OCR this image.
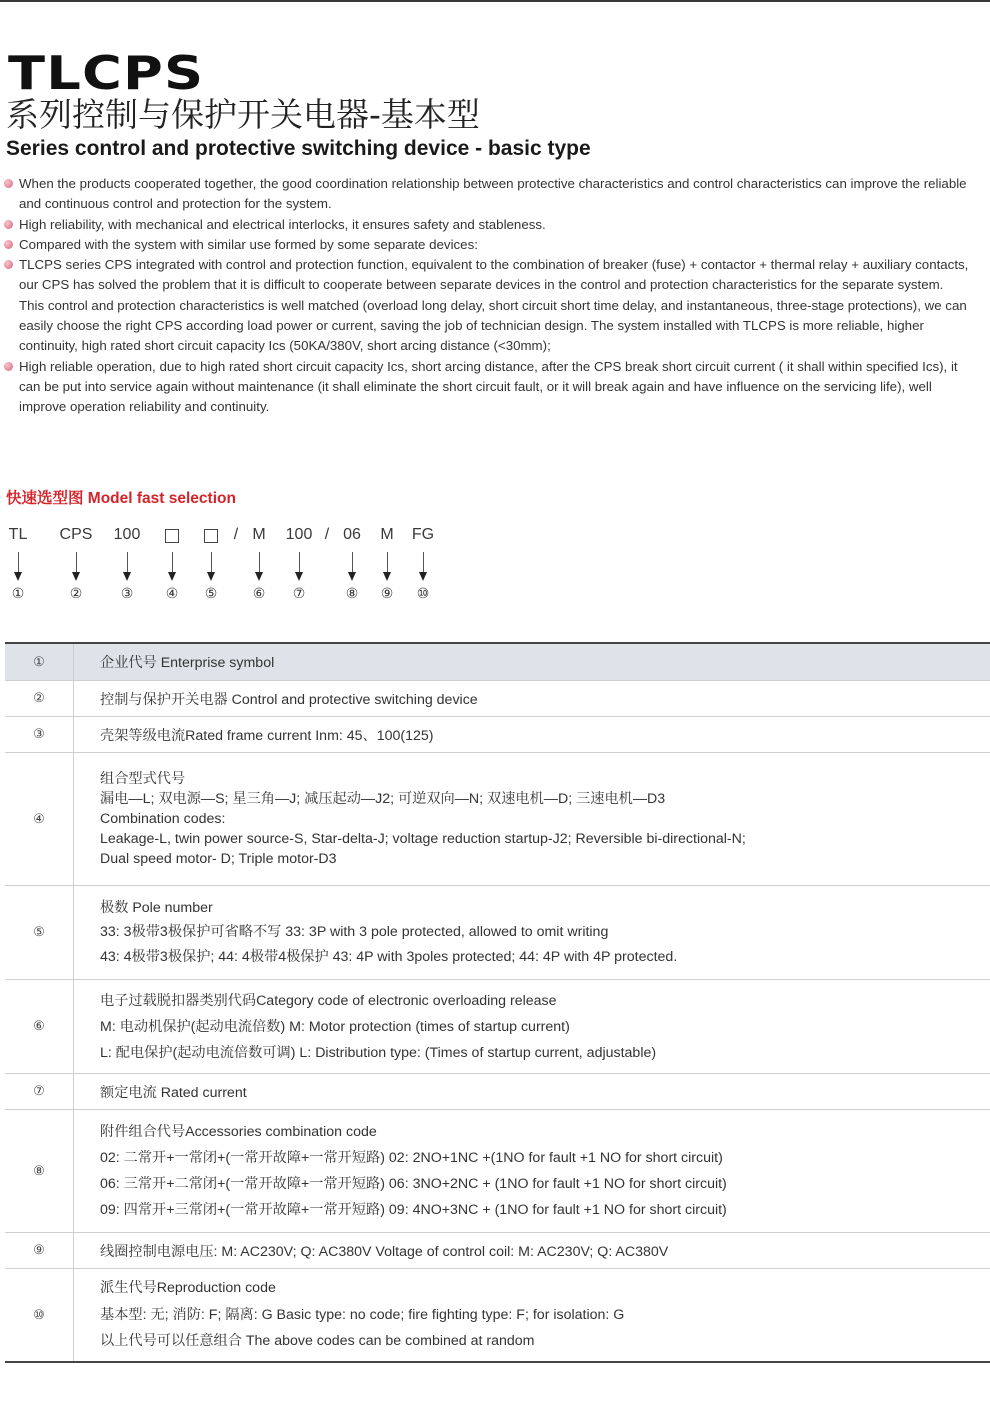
TLCPS
系列控制与保护开关电器-基本型
Series control and protective switching device - basic type
When the products cooperated together, the good coordination relationship between protective characteristics and control characteristics can improve the reliable
and continuous control and protection for the system.
High reliability, with mechanical and electrical interlocks, it ensures safety and stableness.
Compared with the system with similar use formed by some separate devices:
TLCPS series CPS integrated with control and protection function, equivalent to the combination of breaker (fuse) + contactor + thermal relay + auxiliary contacts,
our CPS has solved the problem that it is difficult to cooperate between separate devices in the control and protection characteristics for the separate system.
This control and protection characteristics is well matched (overload long delay, short circuit short time delay, and instantaneous, three-stage protections), we can
easily choose the right CPS according load power or current, saving the job of technician design. The system installed with TLCPS is more reliable, higher
continuity, high rated short circuit capacity Ics (50KA/380V, short arcing distance (<30mm);
High reliable operation, due to high rated short circuit capacity Ics, short arcing distance, after the CPS break short circuit current ( it shall within specified Ics), it
can be put into service again without maintenance (it shall eliminate the short circuit fault, or it will break again and have influence on the servicing life), well
improve operation reliability and continuity.
快速选型图 Model fast selection
TL
①
CPS
②
100
③ ④ ⑤
M
⑥
100
⑦
06
⑧
M
⑨
FG
⑩
/	/
①	企业代号 Enterprise symbol
②	控制与保护开关电器 Control and protective switching device
③	壳架等级电流Rated frame current Inm: 45、100(125)
④
组合型式代号
漏电—L; 双电源—S; 星三角—J; 减压起动—J2; 可逆双向—N; 双速电机—D; 三速电机—D3
Combination codes:
Leakage-L, twin power source-S, Star-delta-J; voltage reduction startup-J2; Reversible bi-directional-N;
Dual speed motor- D; Triple motor-D3
⑤
极数 Pole number
33: 3极带3极保护可省略不写 33: 3P with 3 pole protected, allowed to omit writing
43: 4极带3极保护; 44: 4极带4极保护 43: 4P with 3poles protected; 44: 4P with 4P protected.
⑥
电子过载脱扣器类别代码Category code of electronic overloading release
M: 电动机保护(起动电流倍数) M: Motor protection (times of startup current)
L: 配电保护(起动电流倍数可调) L: Distribution type: (Times of startup current, adjustable)
⑦	额定电流 Rated current
⑧
附件组合代号Accessories combination code
02: 二常开+一常闭+(一常开故障+一常开短路) 02: 2NO+1NC +(1NO for fault +1 NO for short circuit)
06: 三常开+二常闭+(一常开故障+一常开短路) 06: 3NO+2NC + (1NO for fault +1 NO for short circuit)
09: 四常开+三常闭+(一常开故障+一常开短路) 09: 4NO+3NC + (1NO for fault +1 NO for short circuit)
⑨	线圈控制电源电压: M: AC230V; Q: AC380V Voltage of control coil: M: AC230V; Q: AC380V
⑩
派生代号Reproduction code
基本型: 无; 消防: F; 隔离: G Basic type: no code; fire fighting type: F; for isolation: G
以上代号可以任意组合 The above codes can be combined at random
